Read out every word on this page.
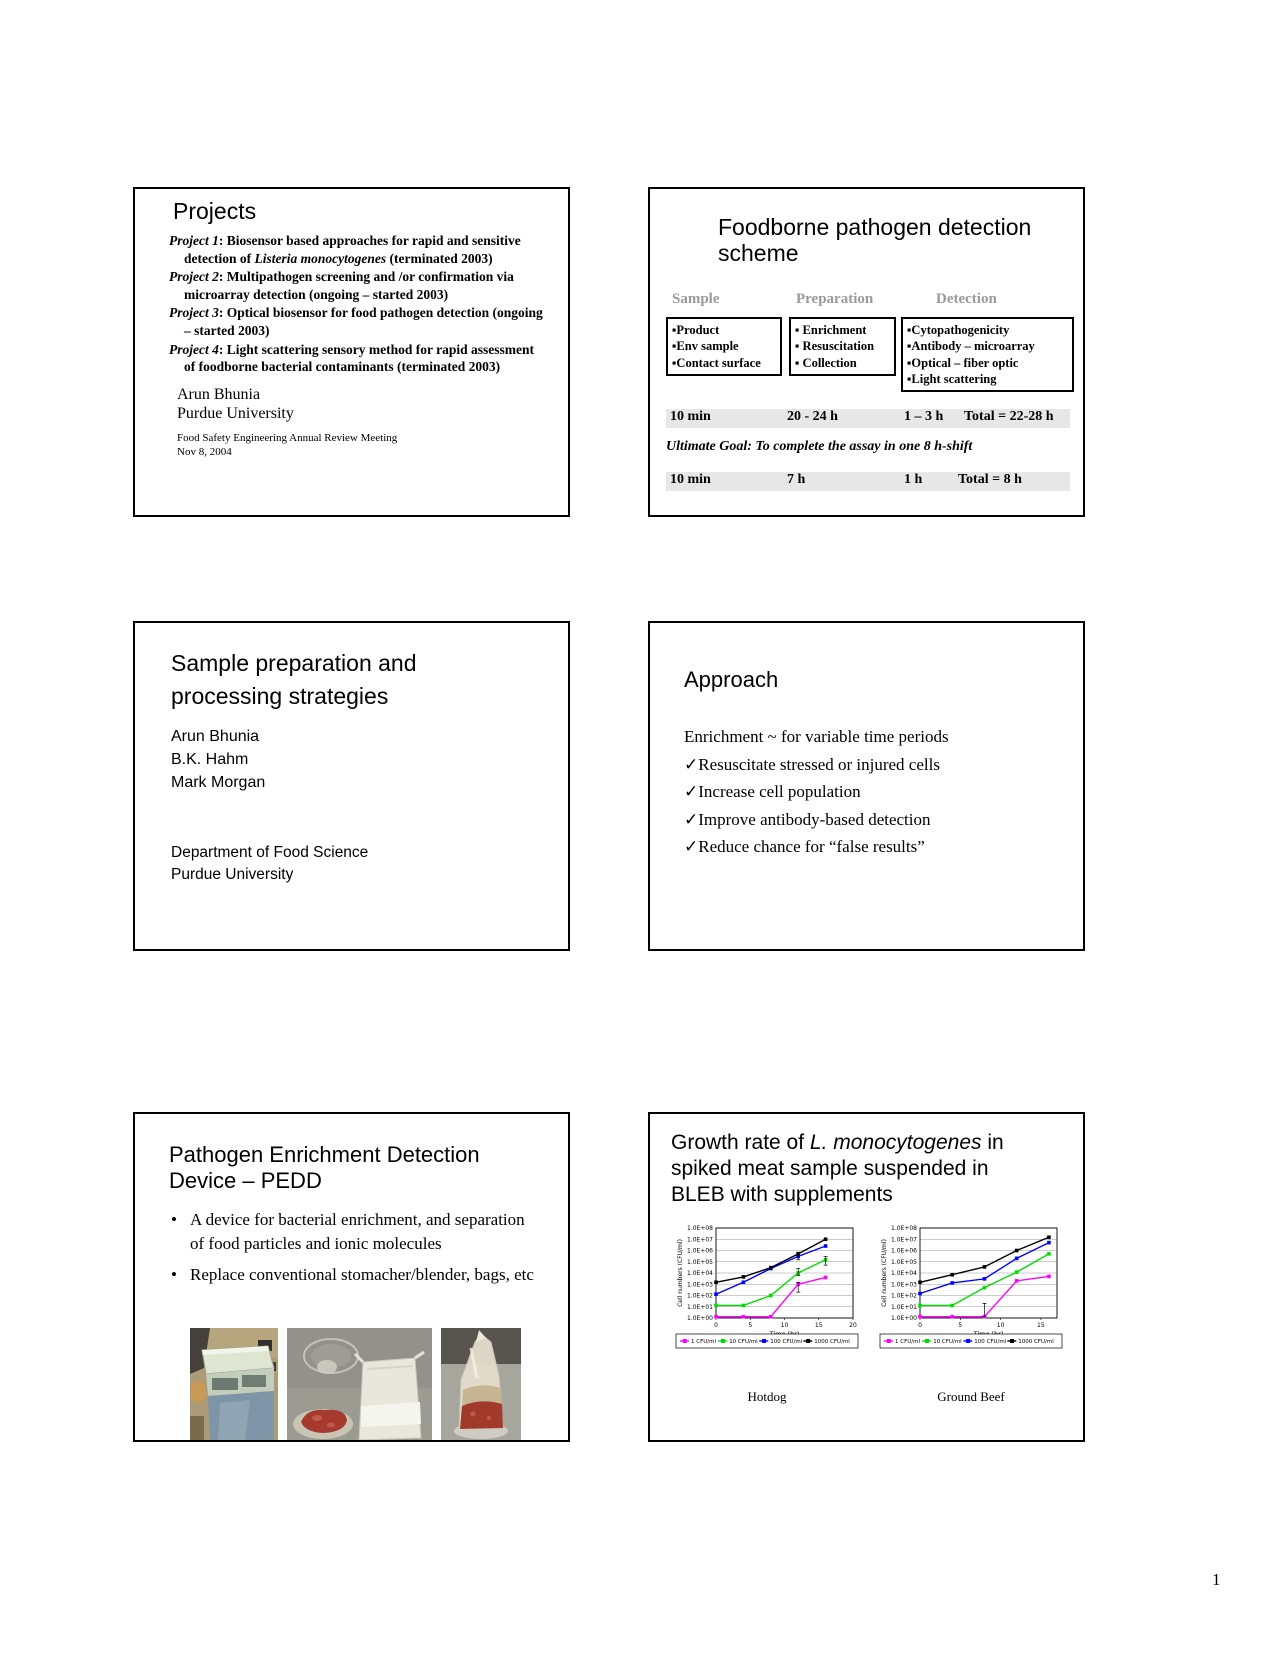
Projects
Project 1: Biosensor based approaches for rapid and sensitive detection of Listeria monocytogenes (terminated 2003)
Project 2: Multipathogen screening and /or confirmation via microarray detection (ongoing – started 2003)
Project 3: Optical biosensor for food pathogen detection (ongoing – started 2003)
Project 4: Light scattering sensory method for rapid assessment of foodborne bacterial contaminants (terminated 2003)
Arun Bhunia
Purdue University
Food Safety Engineering Annual Review Meeting
Nov 8, 2004
Foodborne pathogen detection
scheme
Sample	Preparation	Detection
▪Product
▪Env sample
▪Contact surface
▪ Enrichment
▪ Resuscitation
▪ Collection
▪Cytopathogenicity
▪Antibody – microarray
▪Optical – fiber optic
▪Light scattering
10 min	20 - 24 h	1 – 3 h Total = 22-28 h
Ultimate Goal: To complete the assay in one 8 h-shift
10 min	7 h	1 h	Total = 8 h
Sample preparation and processing strategies
Arun Bhunia
B.K. Hahm
Mark Morgan
Department of Food Science
Purdue University
Approach
Enrichment ~ for variable time periods
✓Resuscitate stressed or injured cells
✓Increase cell population
✓Improve antibody-based detection
✓Reduce chance for “false results”
Pathogen Enrichment Detection
Device – PEDD
• A device for bacterial enrichment, and separation of food particles and ionic molecules
• Replace conventional stomacher/blender, bags, etc
Growth rate of L. monocytogenes in spiked meat sample suspended in BLEB with supplements
1.0E+00
1.0E+01
1.0E+02
1.0E+03
1.0E+04
1.0E+05
1.0E+06
1.0E+07
1.0E+08
0	5	10	15	20
Cell numbers (CFU/ml)
1 CFU/ml 10 CFU/ml 100 CFU/ml 1000 CFU/ml
Hotdog
1.0E+00
1.0E+01
1.0E+02
1.0E+03
1.0E+04
1.0E+05
1.0E+06
1.0E+07
1.0E+08
0	5	10	15
Cell numbers (CFU/ml)
1 CFU/ml 10 CFU/ml 100 CFU/ml 1000 CFU/ml
Ground Beef
1
